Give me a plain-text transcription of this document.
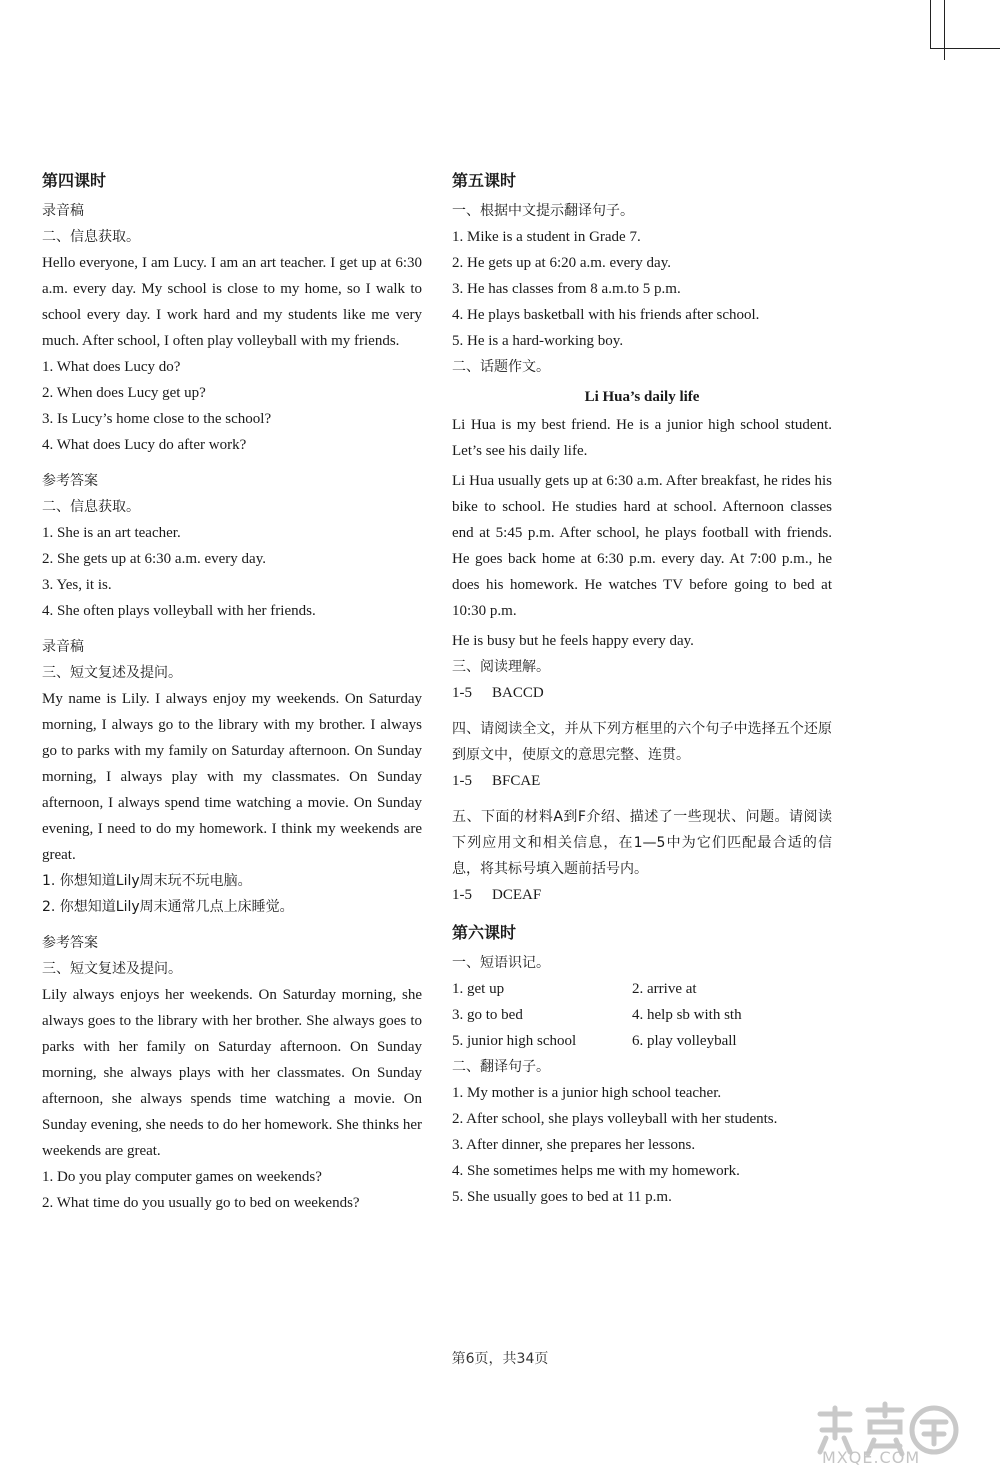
第四课时

录音稿

二、信息获取。

Hello everyone, I am Lucy. I am an art teacher. I get up at 6:30 a.m. every day. My school is close to my home, so I walk to school every day. I work hard and my students like me very much. After school, I often play volleyball with my friends.

1. What does Lucy do?

2. When does Lucy get up?

3. Is Lucy’s home close to the school?

4. What does Lucy do after work?

参考答案

二、信息获取。

1. She is an art teacher.

2. She gets up at 6:30 a.m. every day.

3. Yes, it is.

4. She often plays volleyball with her friends.

录音稿

三、短文复述及提问。

My name is Lily. I always enjoy my weekends. On Saturday morning, I always go to the library with my brother. I always go to parks with my family on Saturday afternoon. On Sunday morning, I always play with my classmates. On Sunday afternoon, I always spend time watching a movie. On Sunday evening, I need to do my homework. I think my weekends are great.

1. 你想知道Lily周末玩不玩电脑。

2. 你想知道Lily周末通常几点上床睡觉。

参考答案

三、短文复述及提问。

Lily always enjoys her weekends. On Saturday morning, she always goes to the library with her brother. She always goes to parks with her family on Saturday afternoon. On Sunday morning, she always plays with her classmates. On Sunday afternoon, she always spends time watching a movie. On Sunday evening, she needs to do her homework. She thinks her weekends are great.

1. Do you play computer games on weekends?

2. What time do you usually go to bed on weekends?

第五课时

一、根据中文提示翻译句子。

1. Mike is a student in Grade 7.

2. He gets up at 6:20 a.m. every day.

3. He has classes from 8 a.m.to 5 p.m.

4. He plays basketball with his friends after school.

5. He is a hard-working boy.

二、话题作文。

Li Hua’s daily life

Li Hua is my best friend. He is a junior high school student. Let’s see his daily life.

Li Hua usually gets up at 6:30 a.m. After breakfast, he rides his bike to school. He studies hard at school. Afternoon classes end at 5:45 p.m. After school, he plays football with friends. He goes back home at 6:30 p.m. every day. At 7:00 p.m., he does his homework. He watches TV before going to bed at 10:30 p.m.

He is busy but he feels happy every day.

三、阅读理解。

1-5 BACCD

四、请阅读全文，并从下列方框里的六个句子中选择五个还原到原文中，使原文的意思完整、连贯。

1-5 BFCAE

五、下面的材料A到F介绍、描述了一些现状、问题。请阅读下列应用文和相关信息，在1—5中为它们匹配最合适的信息，将其标号填入题前括号内。

1-5 DCEAF

第六课时

一、短语识记。

1. get up	2. arrive at
3. go to bed	4. help sb with sth
5. junior high school	6. play volleyball

二、翻译句子。

1. My mother is a junior high school teacher.

2. After school, she plays volleyball with her students.

3. After dinner, she prepares her lessons.

4. She sometimes helps me with my homework.

5. She usually goes to bed at 11 p.m.

第6页，共34页
MXQE.COM
